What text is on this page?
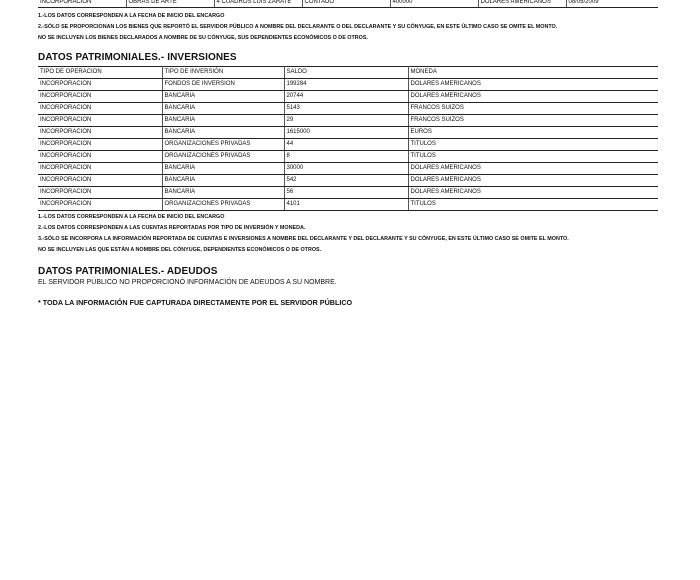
INCORPORACION	OBRAS DE ARTE	4 CUADROS LUIS ZARATE	CONTADO	400000	DOLARES AMERICANOS	08/05/2009

1.-LOS DATOS CORRESPONDEN A LA FECHA DE INICIO DEL ENCARGO

2.-SÓLO SE PROPORCIONAN LOS BIENES QUE REPORTÓ EL SERVIDOR PÚBLICO A NOMBRE DEL DECLARANTE O DEL DECLARANTE Y SU CÓNYUGE, EN ESTE ÚLTIMO CASO SE OMITE EL MONTO.

NO SE INCLUYEN LOS BIENES DECLARADOS A NOMBRE DE SU CÓNYUGE, SUS DEPENDIENTES ECONÓMICOS O DE OTROS.

DATOS PATRIMONIALES.- INVERSIONES
TIPO DE OPERACION	TIPO DE INVERSIÓN	SALDO	MONEDA
INCORPORACION	FONDOS DE INVERSION	199284	DOLARES AMERICANOS
INCORPORACION	BANCARIA	20744	DOLARES AMERICANOS
INCORPORACION	BANCARIA	5143	FRANCOS SUIZOS
INCORPORACION	BANCARIA	29	FRANCOS SUIZOS
INCORPORACION	BANCARIA	1615000	EUROS
INCORPORACION	ORGANIZACIONES PRIVADAS	44	TITULOS
INCORPORACION	ORGANIZACIONES PRIVADAS	8	TITULOS
INCORPORACION	BANCARIA	30000	DOLARES AMERICANOS
INCORPORACION	BANCARIA	542	DOLARES AMERICANOS
INCORPORACION	BANCARIA	56	DOLARES AMERICANOS
INCORPORACION	ORGANIZACIONES PRIVADAS	4101	TITULOS

1.-LOS DATOS CORRESPONDEN A LA FECHA DE INICIO DEL ENCARGO

2.-LOS DATOS CORRESPONDEN A LAS CUENTAS REPORTADAS POR TIPO DE INVERSIÓN Y MONEDA.

3.-SÓLO SE INCORPORA LA INFORMACIÓN REPORTADA DE CUENTAS E INVERSIONES A NOMBRE DEL DECLARANTE Y DEL DECLARANTE Y SU CÓNYUGE, EN ESTE ÚLTIMO CASO SE OMITE EL MONTO.

NO SE INCLUYEN LAS QUE ESTÁN A NOMBRE DEL CÓNYUGE, DEPENDIENTES ECONÓMICOS O DE OTROS.

DATOS PATRIMONIALES.- ADEUDOS

EL SERVIDOR PÚBLICO NO PROPORCIONÓ INFORMACIÓN DE ADEUDOS A SU NOMBRE.

* TODA LA INFORMACIÓN FUE CAPTURADA DIRECTAMENTE POR EL SERVIDOR PÚBLICO
